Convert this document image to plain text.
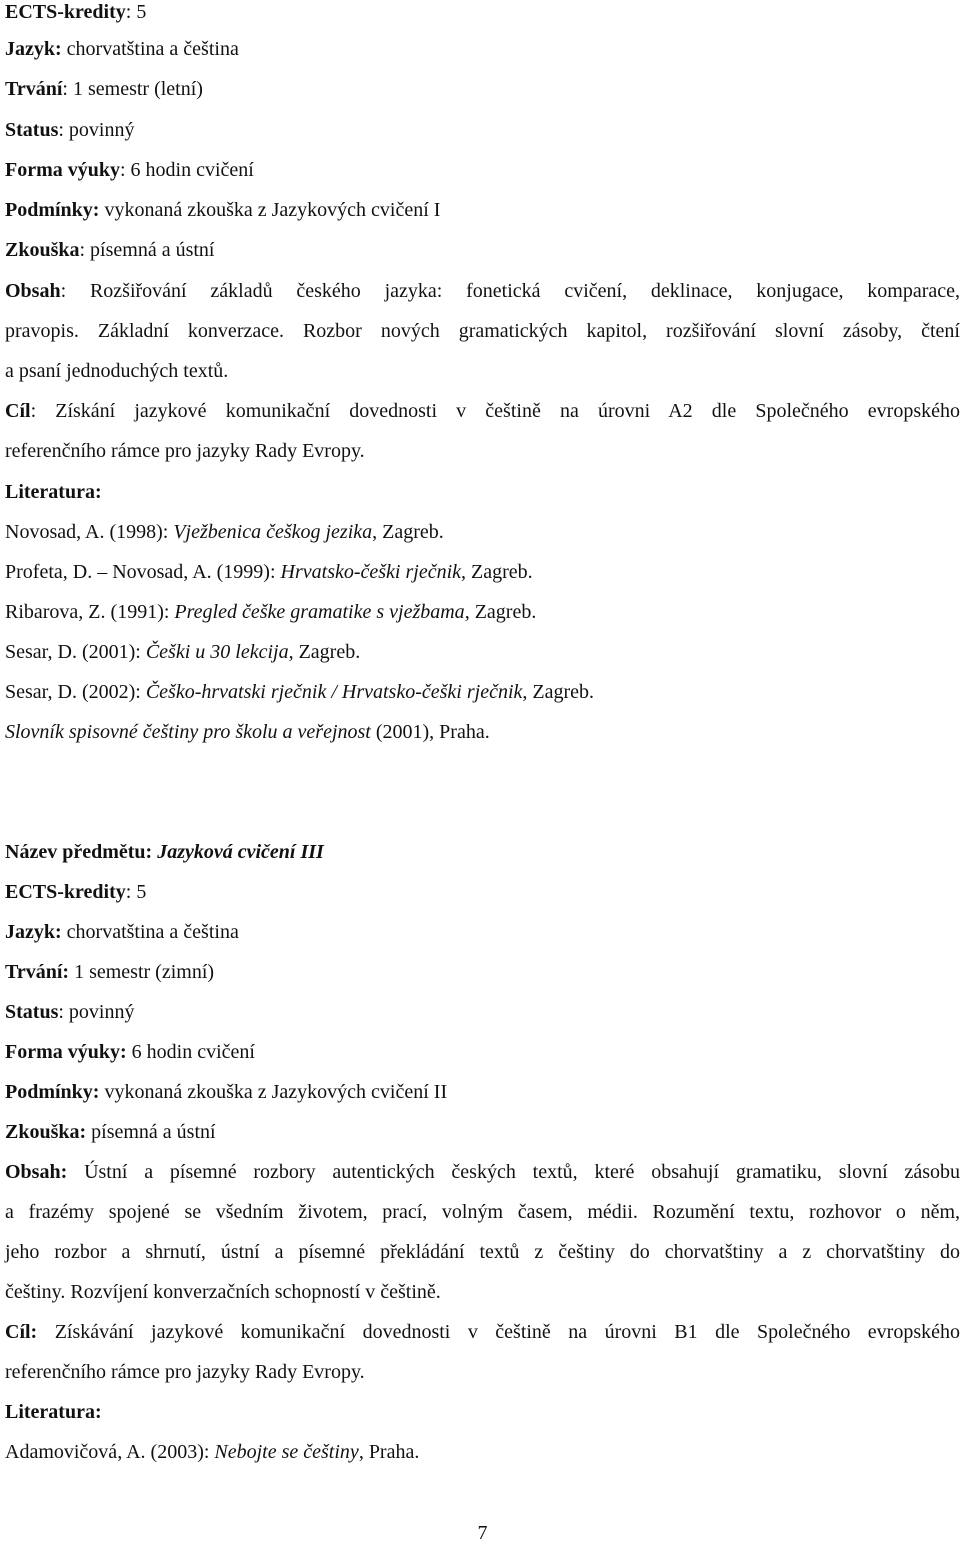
ECTS-kredity: 5
Jazyk: chorvatština a čeština
Trvání: 1 semestr (letní)
Status: povinný
Forma výuky: 6 hodin cvičení
Podmínky: vykonaná zkouška z Jazykových cvičení I
Zkouška: písemná a ústní
Obsah: Rozšiřování základů českého jazyka: fonetická cvičení, deklinace, konjugace, komparace,
pravopis. Základní konverzace. Rozbor nových gramatických kapitol, rozšiřování slovní zásoby, čtení
a psaní jednoduchých textů.
Cíl: Získání jazykové komunikační dovednosti v češtině na úrovni A2 dle Společného evropského
referenčního rámce pro jazyky Rady Evropy.
Literatura:
Novosad, A. (1998): Vježbenica češkog jezika, Zagreb.
Profeta, D. – Novosad, A. (1999): Hrvatsko-češki rječnik, Zagreb.
Ribarova, Z. (1991): Pregled češke gramatike s vježbama, Zagreb.
Sesar, D. (2001): Češki u 30 lekcija, Zagreb.
Sesar, D. (2002): Češko-hrvatski rječnik / Hrvatsko-češki rječnik, Zagreb.
Slovník spisovné češtiny pro školu a veřejnost (2001), Praha.
Název předmětu: Jazyková cvičení III
ECTS-kredity: 5
Jazyk: chorvatština a čeština
Trvání: 1 semestr (zimní)
Status: povinný
Forma výuky: 6 hodin cvičení
Podmínky: vykonaná zkouška z Jazykových cvičení II
Zkouška: písemná a ústní
Obsah: Ústní a písemné rozbory autentických českých textů, které obsahují gramatiku, slovní zásobu
a frazémy spojené se všedním životem, prací, volným časem, médii. Rozumění textu, rozhovor o něm,
jeho rozbor a shrnutí, ústní a písemné překládání textů z češtiny do chorvatštiny a z chorvatštiny do
češtiny. Rozvíjení konverzačních schopností v češtině.
Cíl: Získávání jazykové komunikační dovednosti v češtině na úrovni B1 dle Společného evropského
referenčního rámce pro jazyky Rady Evropy.
Literatura:
Adamovičová, A. (2003): Nebojte se češtiny, Praha.
7
